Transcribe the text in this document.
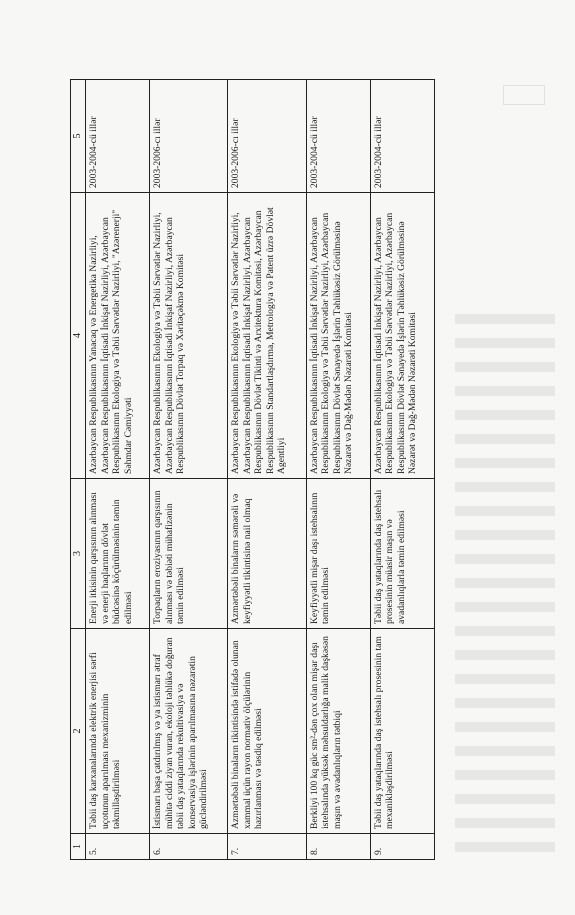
1	2	3	4	5
5.	Təbii daş karxanalarında elektrik enerjisi sərfi uçotunun aparılması mexanizminin təkmilləşdirilməsi	Enerji itkisinin qarşısının alınması və enerji haqlarının dövlət büdcəsinə köçürülməsinin təmin edilməsi	Azərbaycan Respublikasının Yanacaq və Energetika Nazirliyi, Azərbaycan Respublikasının İqtisadi İnkişaf Nazirliyi, Azərbaycan Respublikasının Ekologiya və Təbii Sərvətlər Nazirliyi, "Azərenerji" Səhmdar Cəmiyyəti	2003-2004-cü illər
6.	İstismarı başa çatdırılmış və ya istismarı ətraf mühitə ciddi ziyan vuran, ekoloji təhlükə doğuran təbii daş yataqlarında rekultivasiya və konservasiya işlərinin aparılmasına nəzarətin gücləndirilməsi	Torpaqların eroziyasının qarşısının alınması və təbiəti mühafizənin təmin edilməsi	Azərbaycan Respublikasının Ekologiya və Təbii Sərvətlər Nazirliyi, Azərbaycan Respublikasının İqtisadi İnkişaf Nazirliyi, Azərbaycan Respublikasının Dövlət Torpaq və Xəritəçəkmə Komitəsi	2003-2006-cı illər
7.	Azmərtəbəli binaların tikintisində istifadə olunan xammal üçün rayon normativ ölçülərinin hazırlanması və təsdiq edilməsi	Azmərtəbəli binaların səmərəli və keyfiyyətli tikintisinə nail olmaq	Azərbaycan Respublikasının Ekologiya və Təbii Sərvətlər Nazirliyi, Azərbaycan Respublikasının İqtisadi İnkişaf Nazirliyi, Azərbaycan Respublikasının Dövlət Tikinti və Arxitektura Komitəsi, Azərbaycan Respublikasının Standartlaşdırma, Metrologiya və Patent üzrə Dövlət Agentliyi	2003-2006-cı illər
8.	Berkliyi 100 kq güc sm²-dən çox olan mişar daşı istehsalında yüksək məhsuldarlığa malik daşkəsən maşın və avadanlıqların tətbiqi	Keyfiyyətli mişar daşı istehsalının təmin edilməsi	Azərbaycan Respublikasının İqtisadi İnkişaf Nazirliyi, Azərbaycan Respublikasının Ekologiya və Təbii Sərvətlər Nazirliyi, Azərbaycan Respublikasının Dövlət Sənayedə İşlərin Təhlükəsiz Görülməsinə Nəzarət və Dağ-Mədən Nəzarəti Komitəsi	2003-2004-cü illər
9.	Təbii daş yataqlarında daş istehsalı prosesinin tam mexanikləşdirilməsi	Təbii daş yataqlarında daş istehsalı prosesinin müasir maşın və avadanlıqlarla təmin edilməsi	Azərbaycan Respublikasının İqtisadi İnkişaf Nazirliyi, Azərbaycan Respublikasının Ekologiya və Təbii Sərvətlər Nazirliyi, Azərbaycan Respublikasının Dövlət Sənayedə İşlərin Təhlükəsiz Görülməsinə Nəzarət və Dağ-Mədən Nəzarəti Komitəsi	2003-2004-cü illər
